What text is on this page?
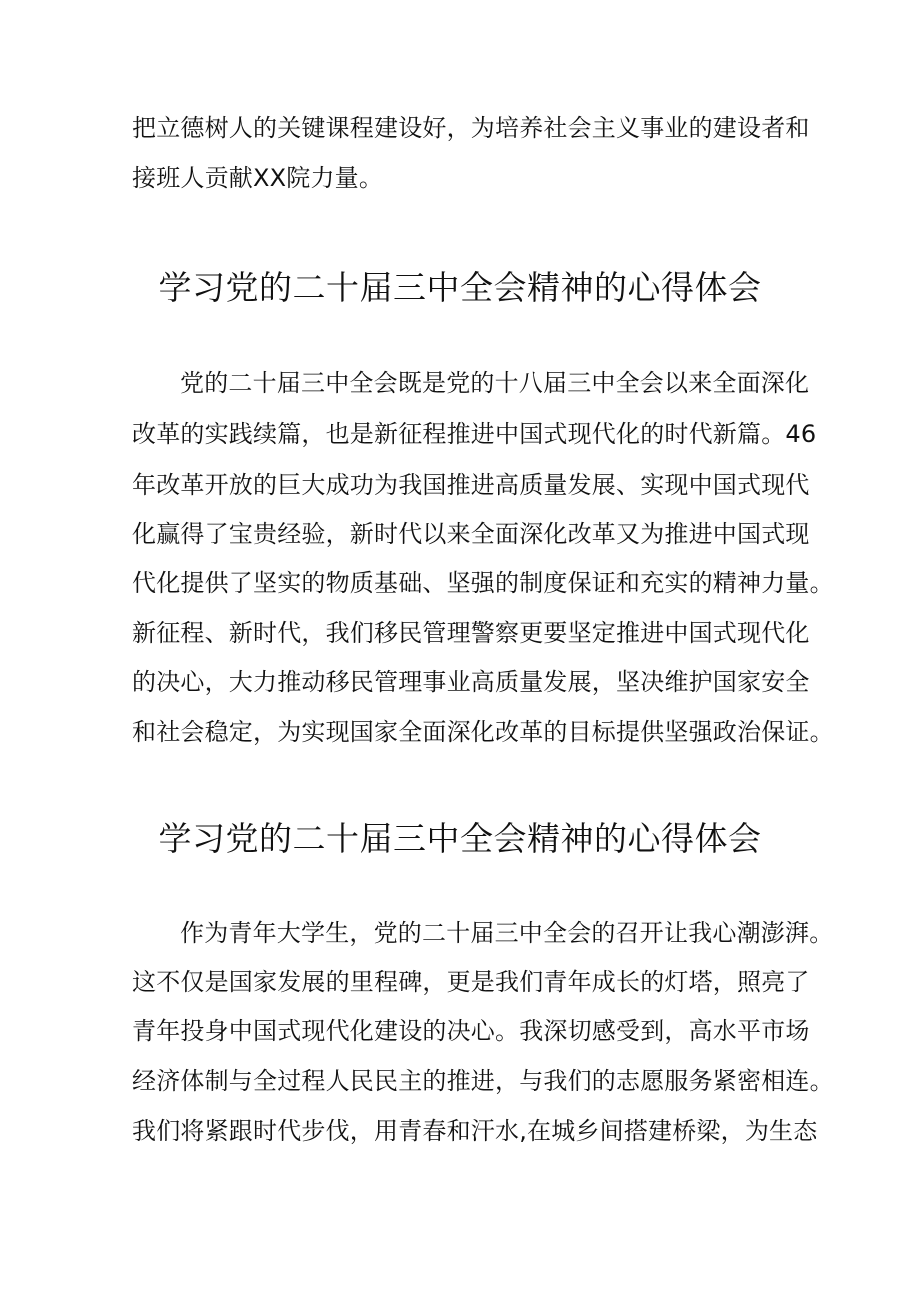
把立德树人的关键课程建设好，为培养社会主义事业的建设者和
接班人贡献XX院力量。
学习党的二十届三中全会精神的心得体会
党的二十届三中全会既是党的十八届三中全会以来全面深化
改革的实践续篇，也是新征程推进中国式现代化的时代新篇。46
年改革开放的巨大成功为我国推进高质量发展、实现中国式现代
化赢得了宝贵经验，新时代以来全面深化改革又为推进中国式现
代化提供了坚实的物质基础、坚强的制度保证和充实的精神力量。
新征程、新时代，我们移民管理警察更要坚定推进中国式现代化
的决心，大力推动移民管理事业高质量发展，坚决维护国家安全
和社会稳定，为实现国家全面深化改革的目标提供坚强政治保证。
学习党的二十届三中全会精神的心得体会
作为青年大学生，党的二十届三中全会的召开让我心潮澎湃。
这不仅是国家发展的里程碑，更是我们青年成长的灯塔，照亮了
青年投身中国式现代化建设的决心。我深切感受到，高水平市场
经济体制与全过程人民民主的推进，与我们的志愿服务紧密相连。
我们将紧跟时代步伐，用青春和汗水,在城乡间搭建桥梁，为生态
